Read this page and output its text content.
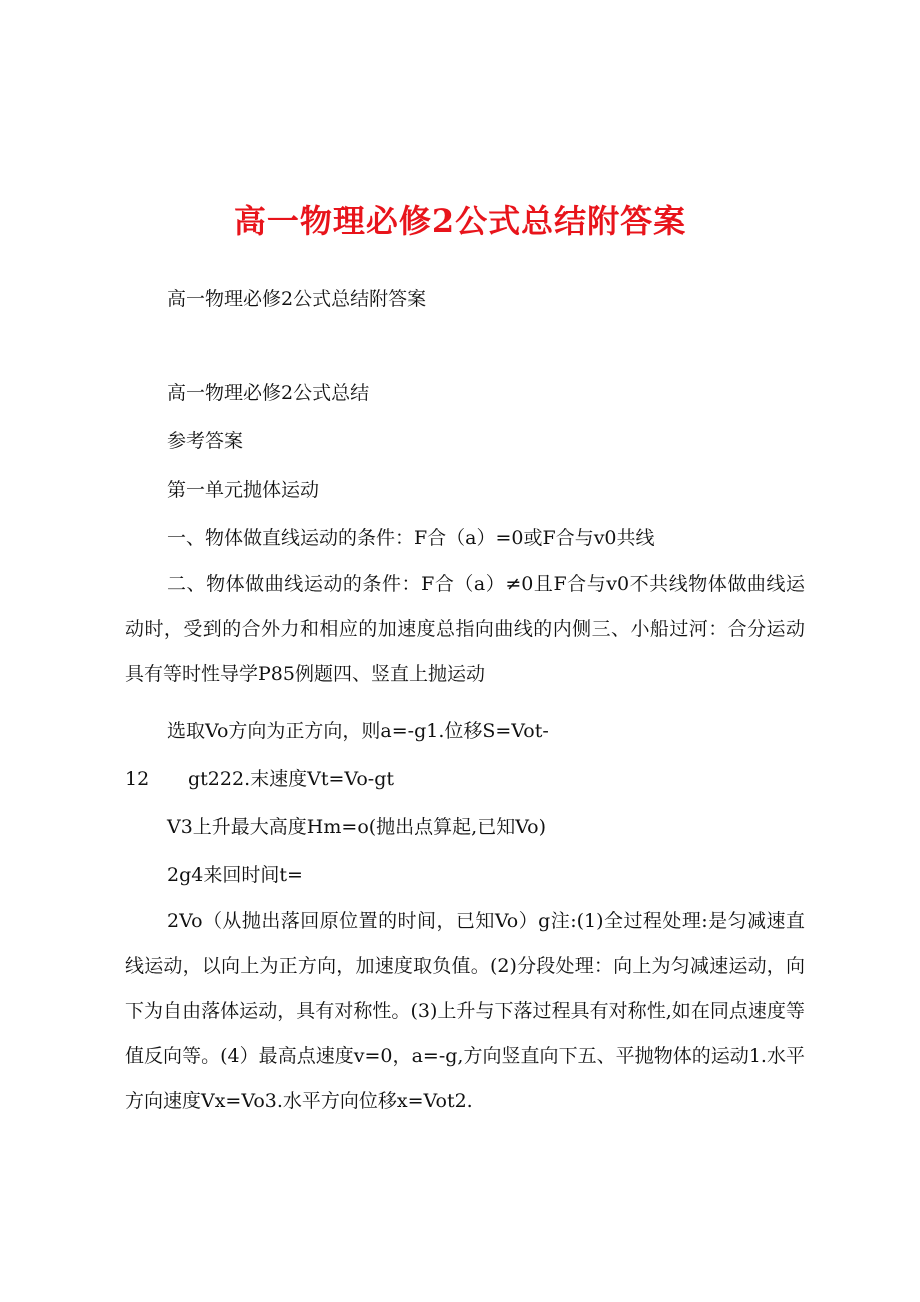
高一物理必修2公式总结附答案
高一物理必修2公式总结附答案
高一物理必修2公式总结
参考答案
第一单元抛体运动
一、物体做直线运动的条件：F合（a）=0或F合与v0共线
二、物体做曲线运动的条件：F合（a）≠0且F合与v0不共线物体做曲线运动时，受到的合外力和相应的加速度总指向曲线的内侧三、小船过河：合分运动具有等时性导学P85例题四、竖直上抛运动
选取Vo方向为正方向，则a=-g1.位移S=Vot-
12 gt222.末速度Vt=Vo-gt
V3上升最大高度Hm=o(抛出点算起,已知Vo)
2g4来回时间t=
2Vo（从抛出落回原位置的时间，已知Vo）g注:(1)全过程处理:是匀减速直线运动，以向上为正方向，加速度取负值。(2)分段处理：向上为匀减速运动，向下为自由落体运动，具有对称性。(3)上升与下落过程具有对称性,如在同点速度等值反向等。(4）最高点速度v=0，a=-g,方向竖直向下五、平抛物体的运动1.水平方向速度Vx=Vo3.水平方向位移x=Vot2.
